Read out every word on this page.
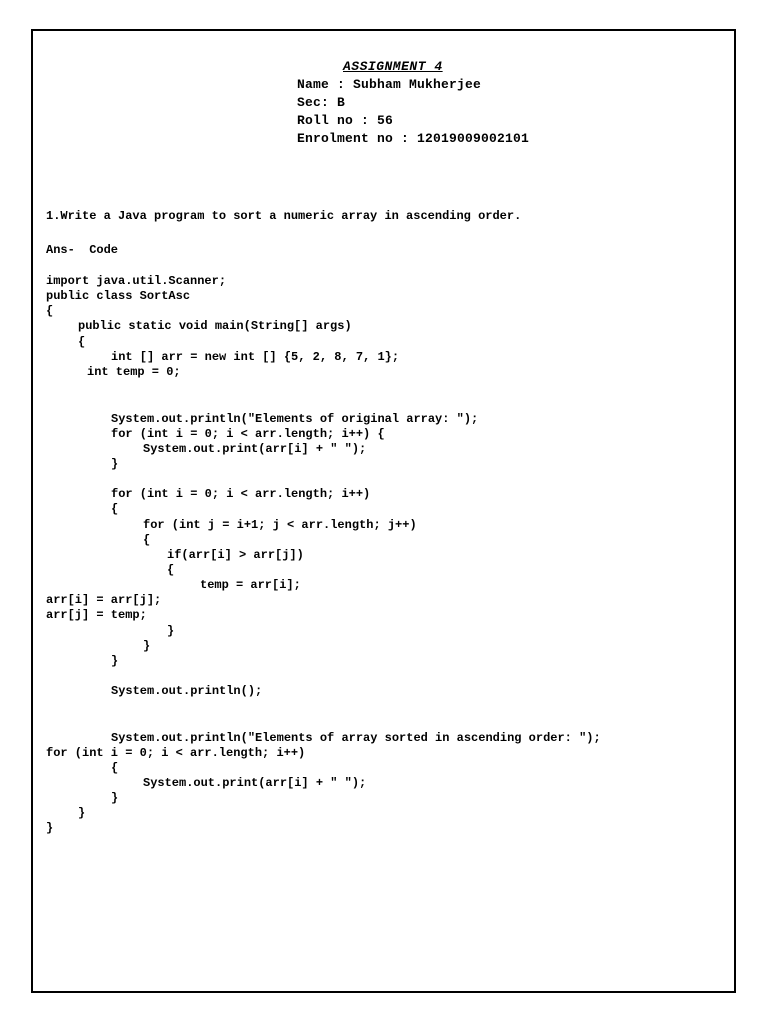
ASSIGNMENT 4
Name : Subham Mukherjee
Sec: B
Roll no : 56
Enrolment no : 12019009002101
1.Write a Java program to sort a numeric array in ascending order.
Ans-  Code
import java.util.Scanner;
public class SortAsc
{
public static void main(String[] args)
{
int [] arr = new int [] {5, 2, 8, 7, 1};
int temp = 0;
System.out.println("Elements of original array: ");
for (int i = 0; i < arr.length; i++) {
System.out.print(arr[i] + " ");
}
for (int i = 0; i < arr.length; i++)
{
for (int j = i+1; j < arr.length; j++)
{
if(arr[i] > arr[j])
{
temp = arr[i];
arr[i] = arr[j];
arr[j] = temp;
}
}
}
System.out.println();
System.out.println("Elements of array sorted in ascending order: ");
for (int i = 0; i < arr.length; i++)
{
System.out.print(arr[i] + " ");
}
}
}
